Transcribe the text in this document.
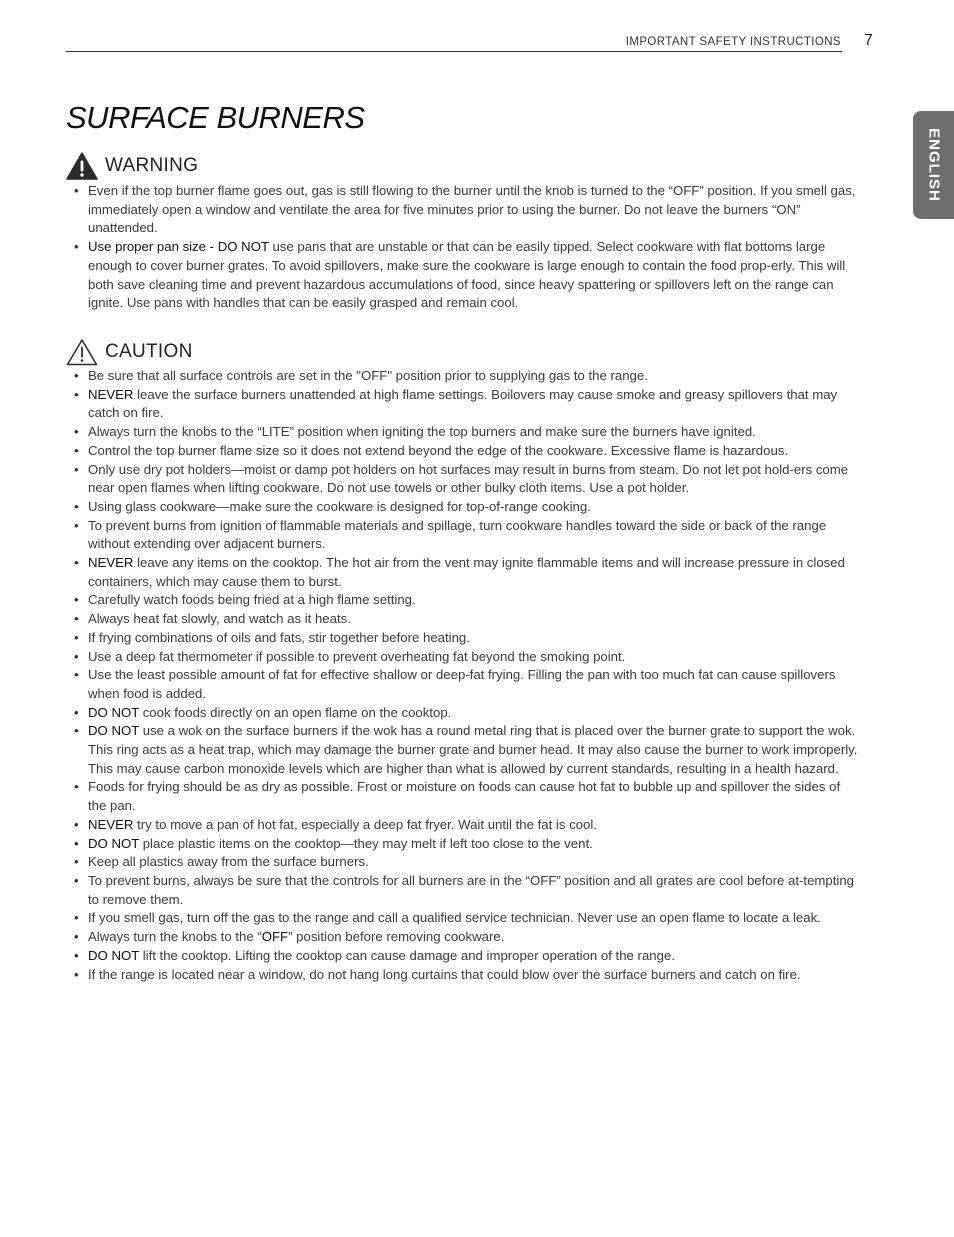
IMPORTANT SAFETY INSTRUCTIONS 7
ENGLISH
SURFACE BURNERS
WARNING
• Even if the top burner flame goes out, gas is still flowing to the burner until the knob is turned to the “OFF” position. If you smell gas, immediately open a window and ventilate the area for five minutes prior to using the burner. Do not leave the burners “ON” unattended.
• Use proper pan size - DO NOT use pans that are unstable or that can be easily tipped. Select cookware with flat bottoms large enough to cover burner grates. To avoid spillovers, make sure the cookware is large enough to contain the food prop-erly. This will both save cleaning time and prevent hazardous accumulations of food, since heavy spattering or spillovers left on the range can ignite. Use pans with handles that can be easily grasped and remain cool.
CAUTION
• Be sure that all surface controls are set in the "OFF" position prior to supplying gas to the range.
• NEVER leave the surface burners unattended at high flame settings. Boilovers may cause smoke and greasy spillovers that may catch on fire.
• Always turn the knobs to the “LITE” position when igniting the top burners and make sure the burners have ignited.
• Control the top burner flame size so it does not extend beyond the edge of the cookware. Excessive flame is hazardous.
• Only use dry pot holders—moist or damp pot holders on hot surfaces may result in burns from steam. Do not let pot hold-ers come near open flames when lifting cookware. Do not use towels or other bulky cloth items. Use a pot holder.
• Using glass cookware—make sure the cookware is designed for top-of-range cooking.
• To prevent burns from ignition of flammable materials and spillage, turn cookware handles toward the side or back of the range without extending over adjacent burners.
• NEVER leave any items on the cooktop. The hot air from the vent may ignite flammable items and will increase pressure in closed containers, which may cause them to burst.
• Carefully watch foods being fried at a high flame setting.
• Always heat fat slowly, and watch as it heats.
• If frying combinations of oils and fats, stir together before heating.
• Use a deep fat thermometer if possible to prevent overheating fat beyond the smoking point.
• Use the least possible amount of fat for effective shallow or deep-fat frying. Filling the pan with too much fat can cause spillovers when food is added.
• DO NOT cook foods directly on an open flame on the cooktop.
• DO NOT use a wok on the surface burners if the wok has a round metal ring that is placed over the burner grate to support the wok. This ring acts as a heat trap, which may damage the burner grate and burner head. It may also cause the burner to work improperly. This may cause carbon monoxide levels which are higher than what is allowed by current standards, resulting in a health hazard.
• Foods for frying should be as dry as possible. Frost or moisture on foods can cause hot fat to bubble up and spillover the sides of the pan.
• NEVER try to move a pan of hot fat, especially a deep fat fryer. Wait until the fat is cool.
• DO NOT place plastic items on the cooktop—they may melt if left too close to the vent.
• Keep all plastics away from the surface burners.
• To prevent burns, always be sure that the controls for all burners are in the “OFF” position and all grates are cool before at-tempting to remove them.
• If you smell gas, turn off the gas to the range and call a qualified service technician. Never use an open flame to locate a leak.
• Always turn the knobs to the “OFF” position before removing cookware.
• DO NOT lift the cooktop. Lifting the cooktop can cause damage and improper operation of the range.
• If the range is located near a window, do not hang long curtains that could blow over the surface burners and catch on fire.
